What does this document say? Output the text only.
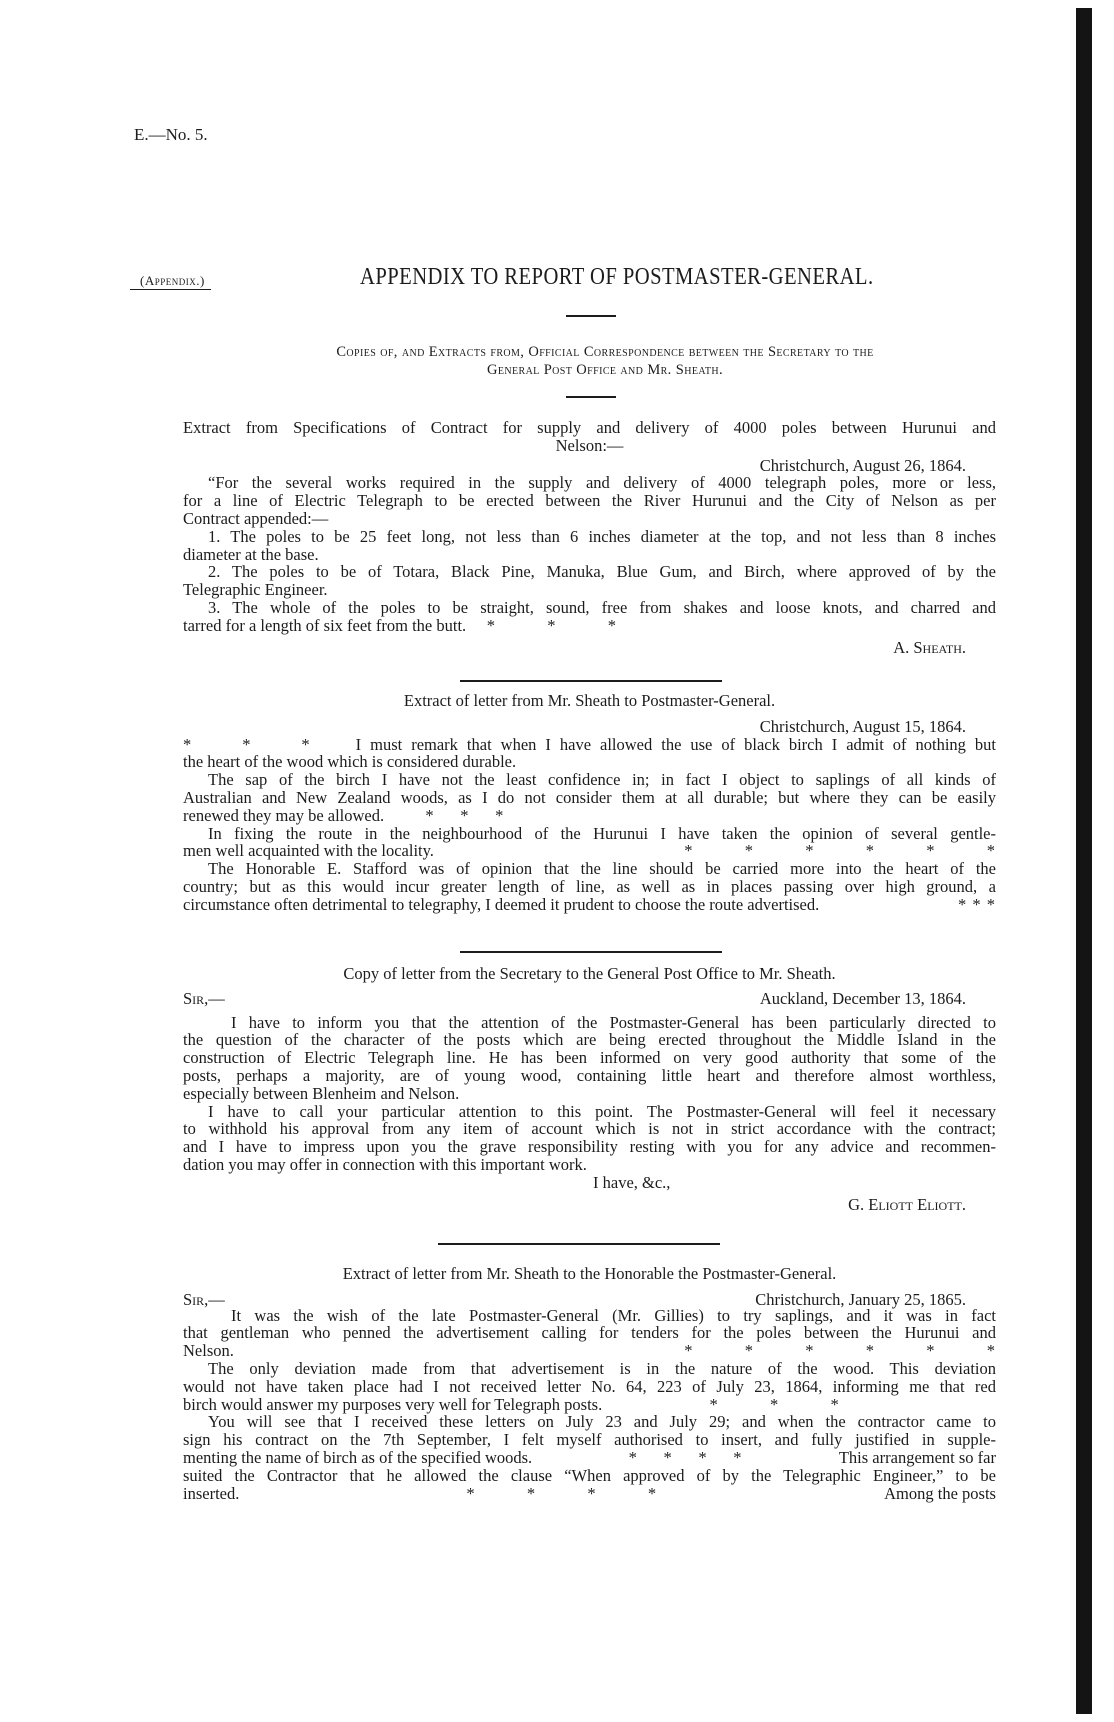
E.—No. 5.
(Appendix.)	APPENDIX TO REPORT OF POSTMASTER-GENERAL.
Copies of, and Extracts from, Official Correspondence between the Secretary to the
General Post Office and Mr. Sheath.
Extract from Specifications of Contract for supply and delivery of 4000 poles between Hurunui and
Nelson:—
Christchurch, August 26, 1864.
“For the several works required in the supply and delivery of 4000 telegraph poles, more or less,
for a line of Electric Telegraph to be erected between the River Hurunui and the City of Nelson as per
Contract appended:—
1. The poles to be 25 feet long, not less than 6 inches diameter at the top, and not less than 8 inches
diameter at the base.
2. The poles to be of Totara, Black Pine, Manuka, Blue Gum, and Birch, where approved of by the
Telegraphic Engineer.
3. The whole of the poles to be straight, sound, free from shakes and loose knots, and charred and
tarred for a length of six feet from the butt. *          *          *
A. Sheath.
Extract of letter from Mr. Sheath to Postmaster-General.
Christchurch, August 15, 1864.
*     *     *	I must remark that when I have allowed the use of black birch I admit of nothing but
the heart of the wood which is considered durable.
The sap of the birch I have not the least confidence in; in fact I object to saplings of all kinds of
Australian and New Zealand woods, as I do not consider them at all durable; but where they can be easily
renewed they may be allowed.	*     *     *
In fixing the route in the neighbourhood of the Hurunui I have taken the opinion of several gentle-
men well acquainted with the locality.	*          *          *          *          *          *
The Honorable E. Stafford was of opinion that the line should be carried more into the heart of the
country; but as this would incur greater length of line, as well as in places passing over high ground, a
circumstance often detrimental to telegraphy, I deemed it prudent to choose the route advertised.	* * *
Copy of letter from the Secretary to the General Post Office to Mr. Sheath.
Sir,—	Auckland, December 13, 1864.
I have to inform you that the attention of the Postmaster-General has been particularly directed to
the question of the character of the posts which are being erected throughout the Middle Island in the
construction of Electric Telegraph line. He has been informed on very good authority that some of the
posts, perhaps a majority, are of young wood, containing little heart and therefore almost worthless,
especially between Blenheim and Nelson.
I have to call your particular attention to this point. The Postmaster-General will feel it necessary
to withhold his approval from any item of account which is not in strict accordance with the contract;
and I have to impress upon you the grave responsibility resting with you for any advice and recommen-
dation you may offer in connection with this important work.
I have, &c.,
G. Eliott Eliott.
Extract of letter from Mr. Sheath to the Honorable the Postmaster-General.
Sir,—	Christchurch, January 25, 1865.
It was the wish of the late Postmaster-General (Mr. Gillies) to try saplings, and it was in fact
that gentleman who penned the advertisement calling for tenders for the poles between the Hurunui and
Nelson.	*          *          *          *          *          *
The only deviation made from that advertisement is in the nature of the wood. This deviation
would not have taken place had I not received letter No. 64, 223 of July 23, 1864, informing me that red
birch would answer my purposes very well for Telegraph posts.	*          *          *
You will see that I received these letters on July 23 and July 29; and when the contractor came to
sign his contract on the 7th September, I felt myself authorised to insert, and fully justified in supple-
menting the name of birch as of the specified woods.	*     *     *     *	This arrangement so far
suited the Contractor that he allowed the clause “When approved of by the Telegraphic Engineer,” to be
inserted.	*          *          *          *	Among the posts
